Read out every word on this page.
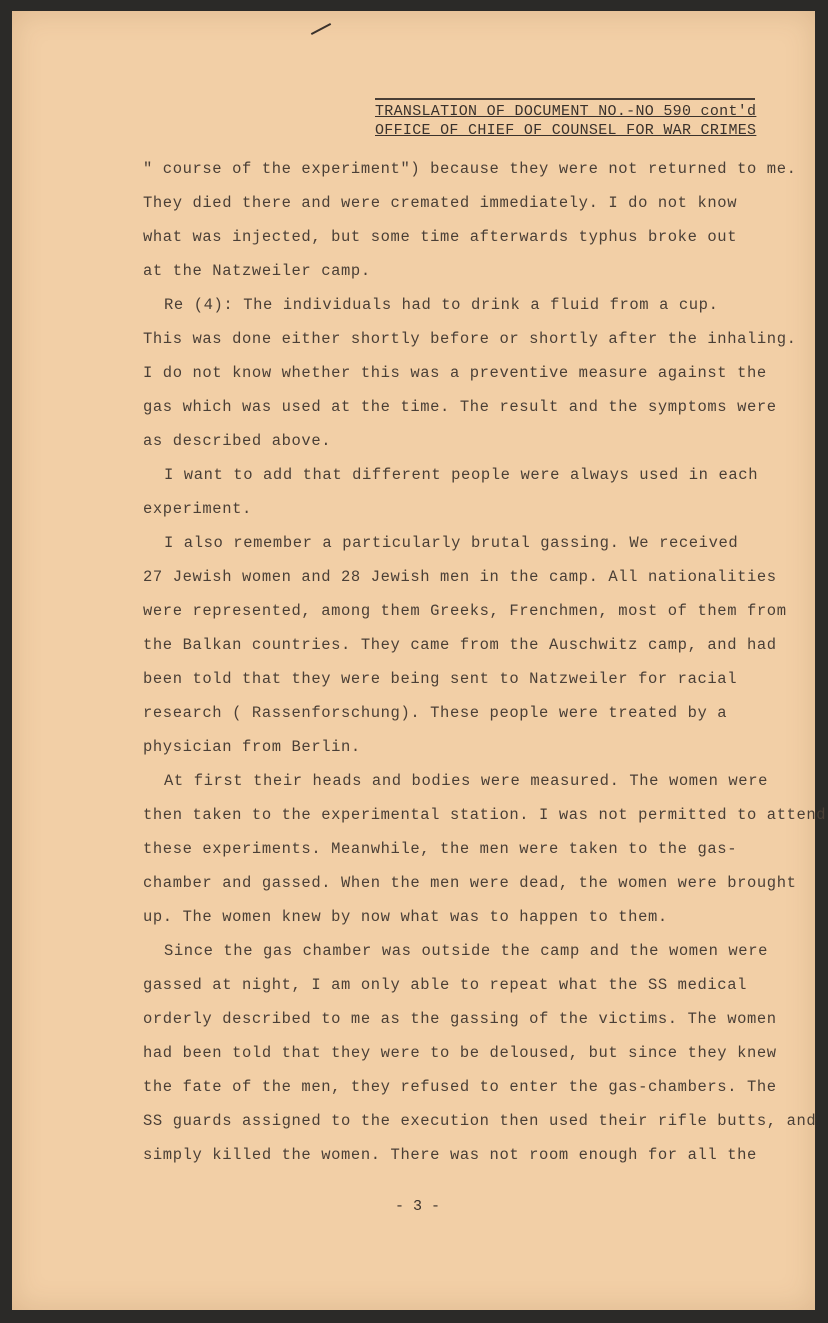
TRANSLATION OF DOCUMENT NO.-NO 590 cont'd
OFFICE OF CHIEF OF COUNSEL FOR WAR CRIMES
" course of the experiment") because they were not returned to me.
They died there and were cremated immediately. I do not know
what was injected, but some time afterwards typhus broke out
at the Natzweiler camp.
Re (4): The individuals had to drink a fluid from a cup.
This was done either shortly before or shortly after the inhaling.
I do not know whether this was a preventive measure against the
gas which was used at the time. The result and the symptoms were
as described above.
I want to add that different people were always used in each
experiment.
I also remember a particularly brutal gassing. We received
27 Jewish women and 28 Jewish men in the camp. All nationalities
were represented, among them Greeks, Frenchmen, most of them from
the Balkan countries. They came from the Auschwitz camp, and had
been told that they were being sent to Natzweiler for racial
research ( Rassenforschung). These people were treated by a
physician from Berlin.
At first their heads and bodies were measured. The women were
then taken to the experimental station. I was not permitted to attend
these experiments. Meanwhile, the men were taken to the gas-
chamber and gassed. When the men were dead, the women were brought
up. The women knew by now what was to happen to them.
Since the gas chamber was outside the camp and the women were
gassed at night, I am only able to repeat what the SS medical
orderly described to me as the gassing of the victims. The women
had been told that they were to be deloused, but since they knew
the fate of the men, they refused to enter the gas-chambers. The
SS guards assigned to the execution then used their rifle butts, and
simply killed the women. There was not room enough for all the
- 3 -
